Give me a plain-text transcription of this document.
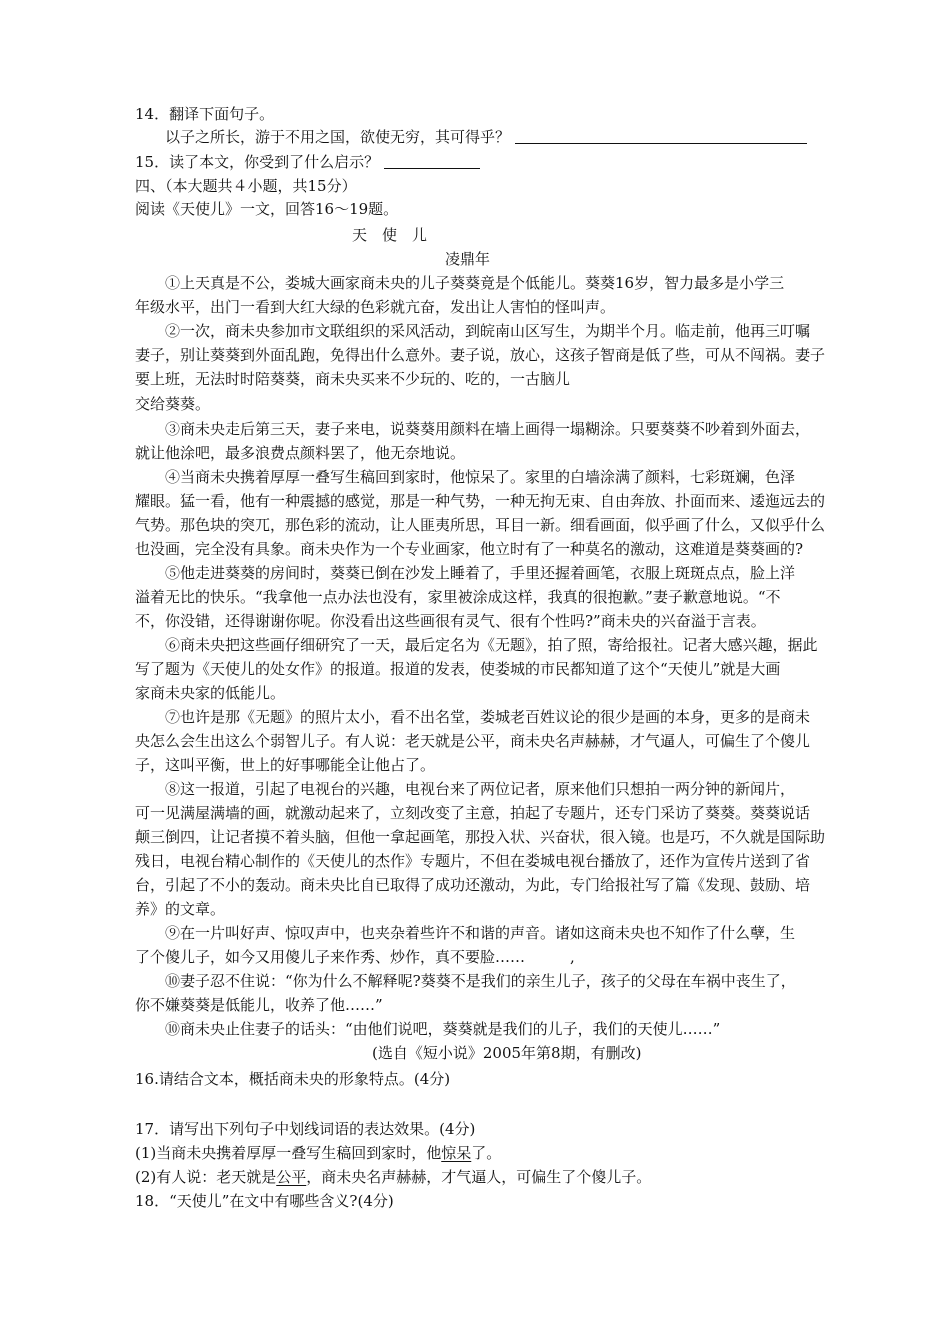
14．翻译下面句子。
以子之所长，游于不用之国，欲使无穷，其可得乎？
15．读了本文，你受到了什么启示？
四、（本大题共４小题，共15分）
阅读《天使儿》一文，回答16～19题。
天　使　儿
凌鼎年
①上天真是不公，娄城大画家商未央的儿子葵葵竟是个低能儿。葵葵16岁，智力最多是小学三
年级水平，出门一看到大红大绿的色彩就亢奋，发出让人害怕的怪叫声。
②一次，商未央参加市文联组织的采风活动，到皖南山区写生，为期半个月。临走前，他再三叮嘱
妻子，别让葵葵到外面乱跑，免得出什么意外。妻子说，放心，这孩子智商是低了些，可从不闯祸。妻子
要上班，无法时时陪葵葵，商未央买来不少玩的、吃的，一古脑儿
交给葵葵。
③商未央走后第三天，妻子来电，说葵葵用颜料在墙上画得一塌糊涂。只要葵葵不吵着到外面去，
就让他涂吧，最多浪费点颜料罢了，他无奈地说。
④当商未央携着厚厚一叠写生稿回到家时，他惊呆了。家里的白墙涂满了颜料，七彩斑斓，色泽
耀眼。猛一看，他有一种震撼的感觉，那是一种气势，一种无拘无束、自由奔放、扑面而来、逶迤远去的
气势。那色块的突兀，那色彩的流动，让人匪夷所思，耳目一新。细看画面，似乎画了什么，又似乎什么
也没画，完全没有具象。商未央作为一个专业画家，他立时有了一种莫名的激动，这难道是葵葵画的?
⑤他走进葵葵的房间时，葵葵已倒在沙发上睡着了，手里还握着画笔，衣服上斑斑点点，脸上洋
溢着无比的快乐。“我拿他一点办法也没有，家里被涂成这样，我真的很抱歉。”妻子歉意地说。“不
不，你没错，还得谢谢你呢。你没看出这些画很有灵气、很有个性吗?”商未央的兴奋溢于言表。
⑥商未央把这些画仔细研究了一天，最后定名为《无题》，拍了照，寄给报社。记者大感兴趣，据此
写了题为《天使儿的处女作》的报道。报道的发表，使娄城的市民都知道了这个“天使儿”就是大画
家商未央家的低能儿。
⑦也许是那《无题》的照片太小，看不出名堂，娄城老百姓议论的很少是画的本身，更多的是商未
央怎么会生出这么个弱智儿子。有人说：老天就是公平，商未央名声赫赫，才气逼人，可偏生了个傻儿
子，这叫平衡，世上的好事哪能全让他占了。
⑧这一报道，引起了电视台的兴趣，电视台来了两位记者，原来他们只想拍一两分钟的新闻片，
可一见满屋满墙的画，就激动起来了，立刻改变了主意，拍起了专题片，还专门采访了葵葵。葵葵说话
颠三倒四，让记者摸不着头脑，但他一拿起画笔，那投入状、兴奋状，很入镜。也是巧，不久就是国际助
残日，电视台精心制作的《天使儿的杰作》专题片，不但在娄城电视台播放了，还作为宣传片送到了省
台，引起了不小的轰动。商未央比自已取得了成功还激动，为此，专门给报社写了篇《发现、鼓励、培
养》的文章。
⑨在一片叫好声、惊叹声中，也夹杂着些许不和谐的声音。诸如这商未央也不知作了什么孽，生
了个傻儿子，如今又用傻儿子来作秀、炒作，真不要脸……　　　,
⑩妻子忍不住说：“你为什么不解释呢?葵葵不是我们的亲生儿子，孩子的父母在车祸中丧生了，
你不嫌葵葵是低能儿，收养了他……”
⑩商未央止住妻子的话头：“由他们说吧，葵葵就是我们的儿子，我们的天使儿……”
(选自《短小说》2005年第8期，有删改)
16.请结合文本，概括商未央的形象特点。(4分)
17．请写出下列句子中划线词语的表达效果。(4分)
(1)当商未央携着厚厚一叠写生稿回到家时，他惊呆了。
(2)有人说：老天就是公平，商未央名声赫赫，才气逼人，可偏生了个傻儿子。
18．“天使儿”在文中有哪些含义?(4分)
